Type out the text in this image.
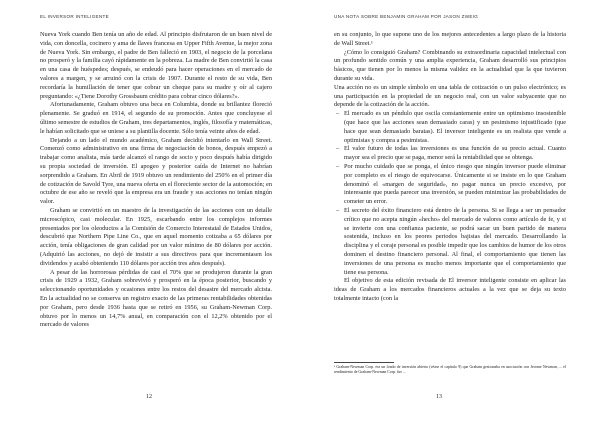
EL INVERSOR INTELIGENTE

Nueva York cuando Ben tenía un año de edad. Al principio disfrutaron de un buen nivel de vida, con doncella, cocinero y ama de llaves francesa en Upper Fifth Avenue, la mejor zona de Nueva York. Sin embargo, el padre de Ben falleció en 1903, el negocio de la porcelana no prosperó y la familia cayó rápidamente en la pobreza. La madre de Ben convirtió la casa en una casa de huéspedes; después, se endeudó para hacer operaciones en el mercado de valores a margen, y se arruinó con la crisis de 1907. Durante el resto de su vida, Ben recordaría la humillación de tener que cobrar un cheque para su madre y oír al cajero preguntando: «¿Tiene Dorothy Grossbaum crédito para cobrar cinco dólares?».

Afortunadamente, Graham obtuvo una beca en Columbia, donde su brillantez floreció plenamente. Se graduó en 1914, el segundo de su promoción. Antes que concluyese el último semestre de estudios de Graham, tres departamentos, inglés, filosofía y matemáticas, le habían solicitado que se uniese a su plantilla docente. Sólo tenía veinte años de edad.

Dejando a un lado el mundo académico, Graham decidió intentarlo en Wall Street. Comenzó como administrativo en una firma de negociación de bonos, después empezó a trabajar como analista, más tarde alcanzó el rango de socio y poco después había dirigido su propia sociedad de inversión. El apogeo y posterior caída de Internet no habrían sorprendido a Graham. En Abril de 1919 obtuvo un rendimiento del 250% en el primer día de cotización de Savold Tyre, una nueva oferta en el floreciente sector de la automoción; en octubre de ese año se reveló que la empresa era un fraude y sus acciones no tenían ningún valor.

Graham se convirtió en un maestro de la investigación de las acciones con un detalle microscópico, casi molecular. En 1925, escarbando entre los complejos informes presentados por los oleoductos a la Comisión de Comercio Interestatal de Estados Unidos, descubrió que Northern Pipe Line Co., que en aquel momento cotizaba a 65 dólares por acción, tenía obligaciones de gran calidad por un valor mínimo de 80 dólares por acción. (Adquirió las acciones, no dejó de insistir a sus directivos para que incrementasen los dividendos y acabó obteniendo 110 dólares por acción tres años después).

A pesar de las horrorosas pérdidas de casi el 70% que se produjeron durante la gran crisis de 1929 a 1932, Graham sobrevivió y prosperó en la época posterior, buscando y seleccionando oportunidades y ocasiones entre los restos del desastre del mercado alcista. En la actualidad no se conserva un registro exacto de las primeras rentabilidades obtenidas por Graham, pero desde 1936 hasta que se retiró en 1956, su Graham-Newman Corp. obtuvo por lo menos un 14,7% anual, en comparación con el 12,2% obtenido por el mercado de valores

12
UNA NOTA SOBRE BENJAMIN GRAHAM POR JASON ZWEIG

en su conjunto, lo que supone uno de los mejores antecedentes a largo plazo de la historia de Wall Street.¹

¿Cómo lo consiguió Graham? Combinando su extraordinaria capacidad intelectual con un profundo sentido común y una amplia experiencia, Graham desarrolló sus principios básicos, que tienen por lo menos la misma validez en la actualidad que la que tuvieron durante su vida.

Una acción no es un simple símbolo en una tabla de cotización o un pulso electrónico; es una participación en la propiedad de un negocio real, con un valor subyacente que no depende de la cotización de la acción.

– El mercado es un péndulo que oscila constantemente entre un optimismo insostenible (que hace que las acciones sean demasiado caras) y un pesimismo injustificado (que hace que sean demasiado baratas). El inversor inteligente es un realista que vende a optimistas y compra a pesimistas.

– El valor futuro de todas las inversiones es una función de su precio actual. Cuanto mayor sea el precio que se paga, menor será la rentabilidad que se obtenga.

– Por mucho cuidado que se ponga, el único riesgo que ningún inversor puede eliminar por completo es el riesgo de equivocarse. Únicamente si se insiste en lo que Graham denominó el «margen de seguridad», no pagar nunca un precio excesivo, por interesante que pueda parecer una inversión, se pueden minimizar las probabilidades de cometer un error.

– El secreto del éxito financiero está dentro de la persona. Si se llega a ser un pensador crítico que no acepta ningún «hecho» del mercado de valores como artículo de fe, y si se invierte con una confianza paciente, se podrá sacar un buen partido de manera sostenida, incluso en los peores periodos bajistas del mercado. Desarrollando la disciplina y el coraje personal es posible impedir que los cambios de humor de los otros dominen el destino financiero personal. Al final, el comportamiento que tienen las inversiones de una persona es mucho menos importante que el comportamiento que tiene esa persona.

El objetivo de esta edición revisada de El inversor inteligente consiste en aplicar las ideas de Graham a los mercados financieros actuales a la vez que se deja su texto totalmente intacto (con la

¹ Graham-Newman Corp. era un fondo de inversión abierto (véase el capítulo 9) que Graham gestionaba en asociación con Jerome Newman, ... el rendimiento de Graham-Newman Corp. fue ...
13
